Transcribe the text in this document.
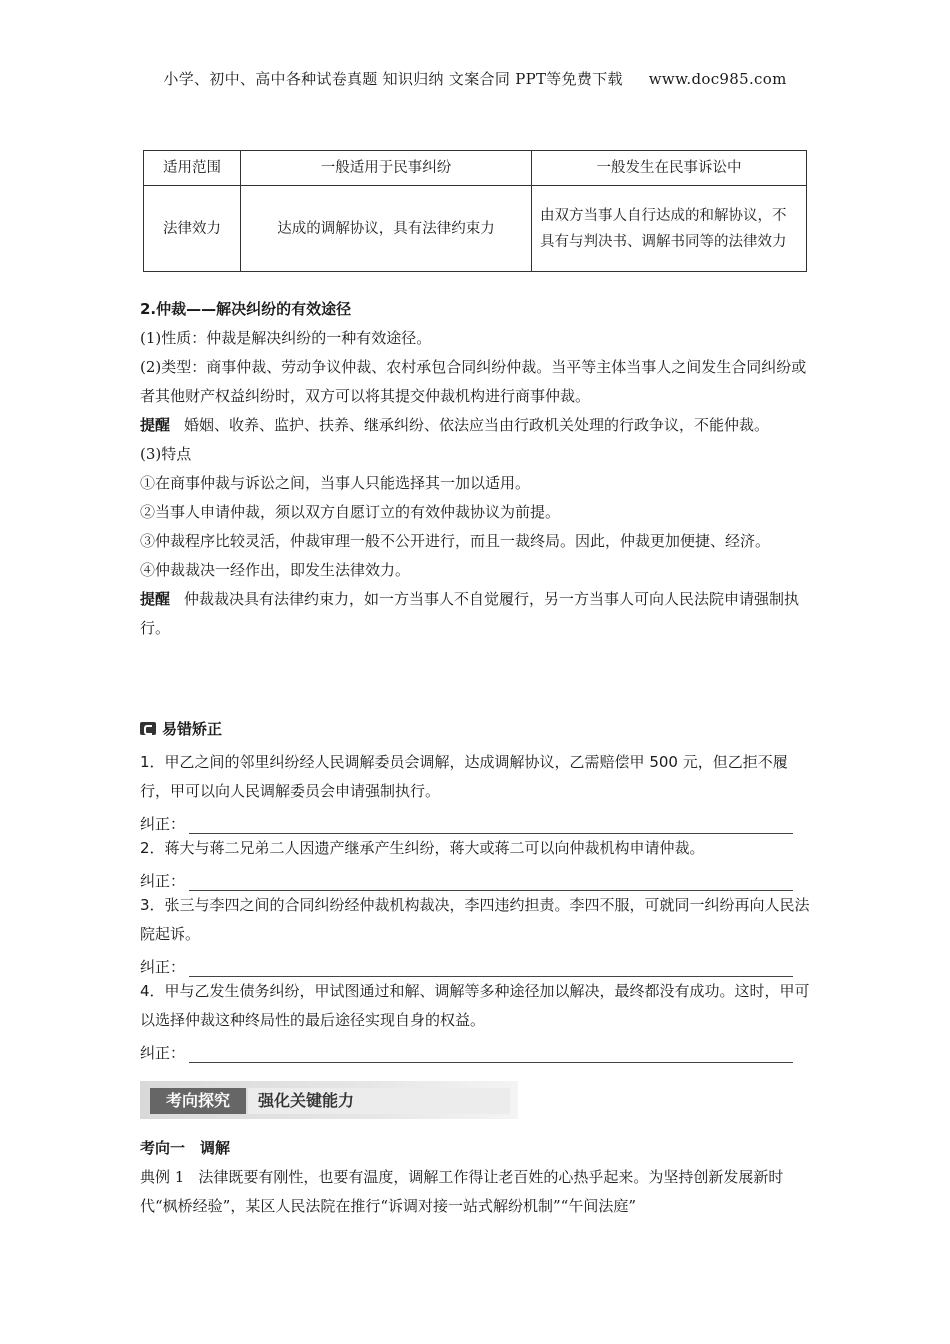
小学、初中、高中各种试卷真题 知识归纳 文案合同 PPT等免费下载 www.doc985.com
适用范围	一般适用于民事纠纷	一般发生在民事诉讼中
法律效力	达成的调解协议，具有法律约束力	由双方当事人自行达成的和解协议，不具有与判决书、调解书同等的法律效力

2.仲裁——解决纠纷的有效途径

(1)性质：仲裁是解决纠纷的一种有效途径。

(2)类型：商事仲裁、劳动争议仲裁、农村承包合同纠纷仲裁。当平等主体当事人之间发生合同纠纷或者其他财产权益纠纷时，双方可以将其提交仲裁机构进行商事仲裁。

提醒 婚姻、收养、监护、扶养、继承纠纷、依法应当由行政机关处理的行政争议，不能仲裁。

(3)特点

①在商事仲裁与诉讼之间，当事人只能选择其一加以适用。

②当事人申请仲裁，须以双方自愿订立的有效仲裁协议为前提。

③仲裁程序比较灵活，仲裁审理一般不公开进行，而且一裁终局。因此，仲裁更加便捷、经济。

④仲裁裁决一经作出，即发生法律效力。

提醒 仲裁裁决具有法律约束力，如一方当事人不自觉履行，另一方当事人可向人民法院申请强制执行。

易错矫正

1．甲乙之间的邻里纠纷经人民调解委员会调解，达成调解协议，乙需赔偿甲 500 元，但乙拒不履行，甲可以向人民调解委员会申请强制执行。

纠正：

2．蒋大与蒋二兄弟二人因遗产继承产生纠纷，蒋大或蒋二可以向仲裁机构申请仲裁。

纠正：

3．张三与李四之间的合同纠纷经仲裁机构裁决，李四违约担责。李四不服，可就同一纠纷再向人民法院起诉。

纠正：

4．甲与乙发生债务纠纷，甲试图通过和解、调解等多种途径加以解决，最终都没有成功。这时，甲可以选择仲裁这种终局性的最后途径实现自身的权益。

纠正：
考向探究	强化关键能力

考向一　调解

典例 1 法律既要有刚性，也要有温度，调解工作得让老百姓的心热乎起来。为坚持创新发展新时代“枫桥经验”，某区人民法院在推行“诉调对接一站式解纷机制”“午间法庭”
